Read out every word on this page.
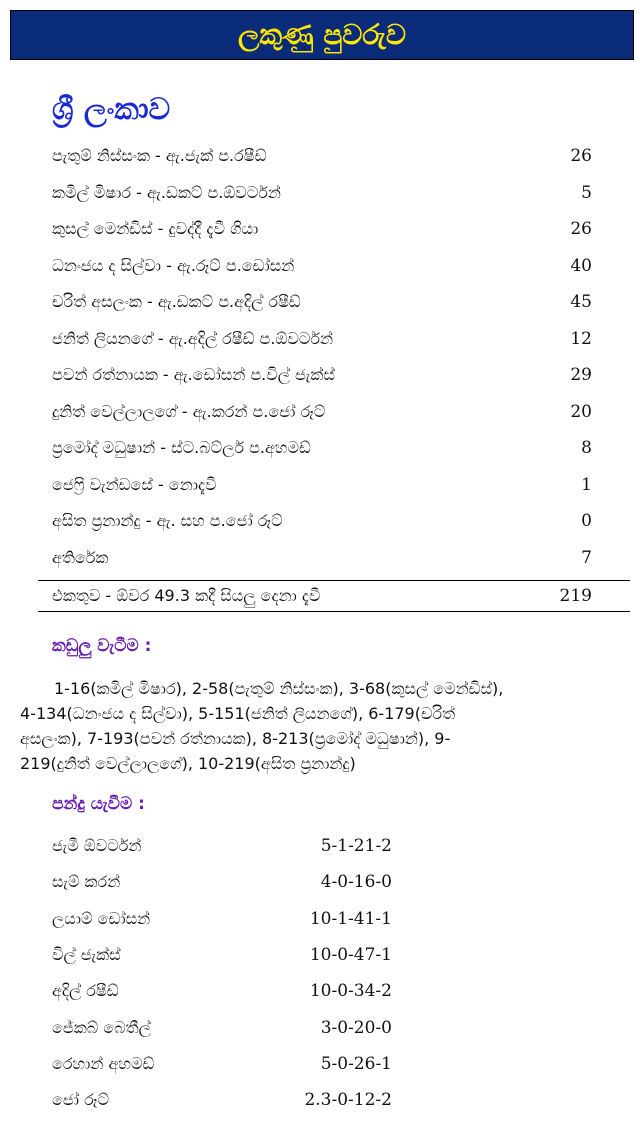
ලකුණු පුවරුව
ශ්‍රී ලංකාව
පැතුම් නිස්සංක - ඇ.ජැක් ප.රෂීඩ්	26
කමිල් මිෂාර - ඇ.ඩකට් ප.ඕවර්ටන්	5
කුසල් මෙන්ඩිස් - දුවද්දී දැවී ගියා	26
ධනංජය ද සිල්වා - ඇ.රූට් ප.ඩෝසන්	40
චරිත් අසලංක - ඇ.ඩකට් ප.අදිල් රෂීඩ්	45
ජනිත් ලියනගේ - ඇ.අදිල් රෂීඩ් ප.ඕවර්ටන්	12
පවන් රත්නායක - ඇ.ඩෝසන් ප.විල් ජැක්ස්	29
දුනිත් වෙල්ලාලගේ - ඇ.කරන් ප.ජෝ රූට්	20
ප්‍රමෝද් මධුෂාන් - ස්ට.බට්ලර් ප.අහමඩ්	8
ජෙෆ්‍රි වැන්ඩසේ - නොදැවී	1
අසිත ප්‍රනාන්දු - ඇ. සහ ප.ජෝ රූට්	0
අතිරේක	7
එකතුව - ඕවර 49.3 කදී සියලු දෙනා දැවී	219
කඩුලු වැටීම :
1-16(කමිල් මිෂාර), 2-58(පැතුම් නිස්සංක), 3-68(කුසල් මෙන්ඩිස්),
4-134(ධනංජය ද සිල්වා), 5-151(ජනිත් ලියනගේ), 6-179(චරිත්
අසලංක), 7-193(පවන් රත්නායක), 8-213(ප්‍රමෝද් මධුෂාන්), 9-
219(දුනිත් වෙල්ලාලගේ), 10-219(අසිත ප්‍රනාන්දු)
පන්දු යැවීම :
ජැමී ඕවර්ටන්	5-1-21-2
සැම් කරන්	4-0-16-0
ලයාම් ඩෝසන්	10-1-41-1
විල් ජැක්ස්	10-0-47-1
අදිල් රෂීඩ්	10-0-34-2
ජේකබ් බෙතීල්	3-0-20-0
රෙහාන් අහමඩ්	5-0-26-1
ජෝ රූට්	2.3-0-12-2
